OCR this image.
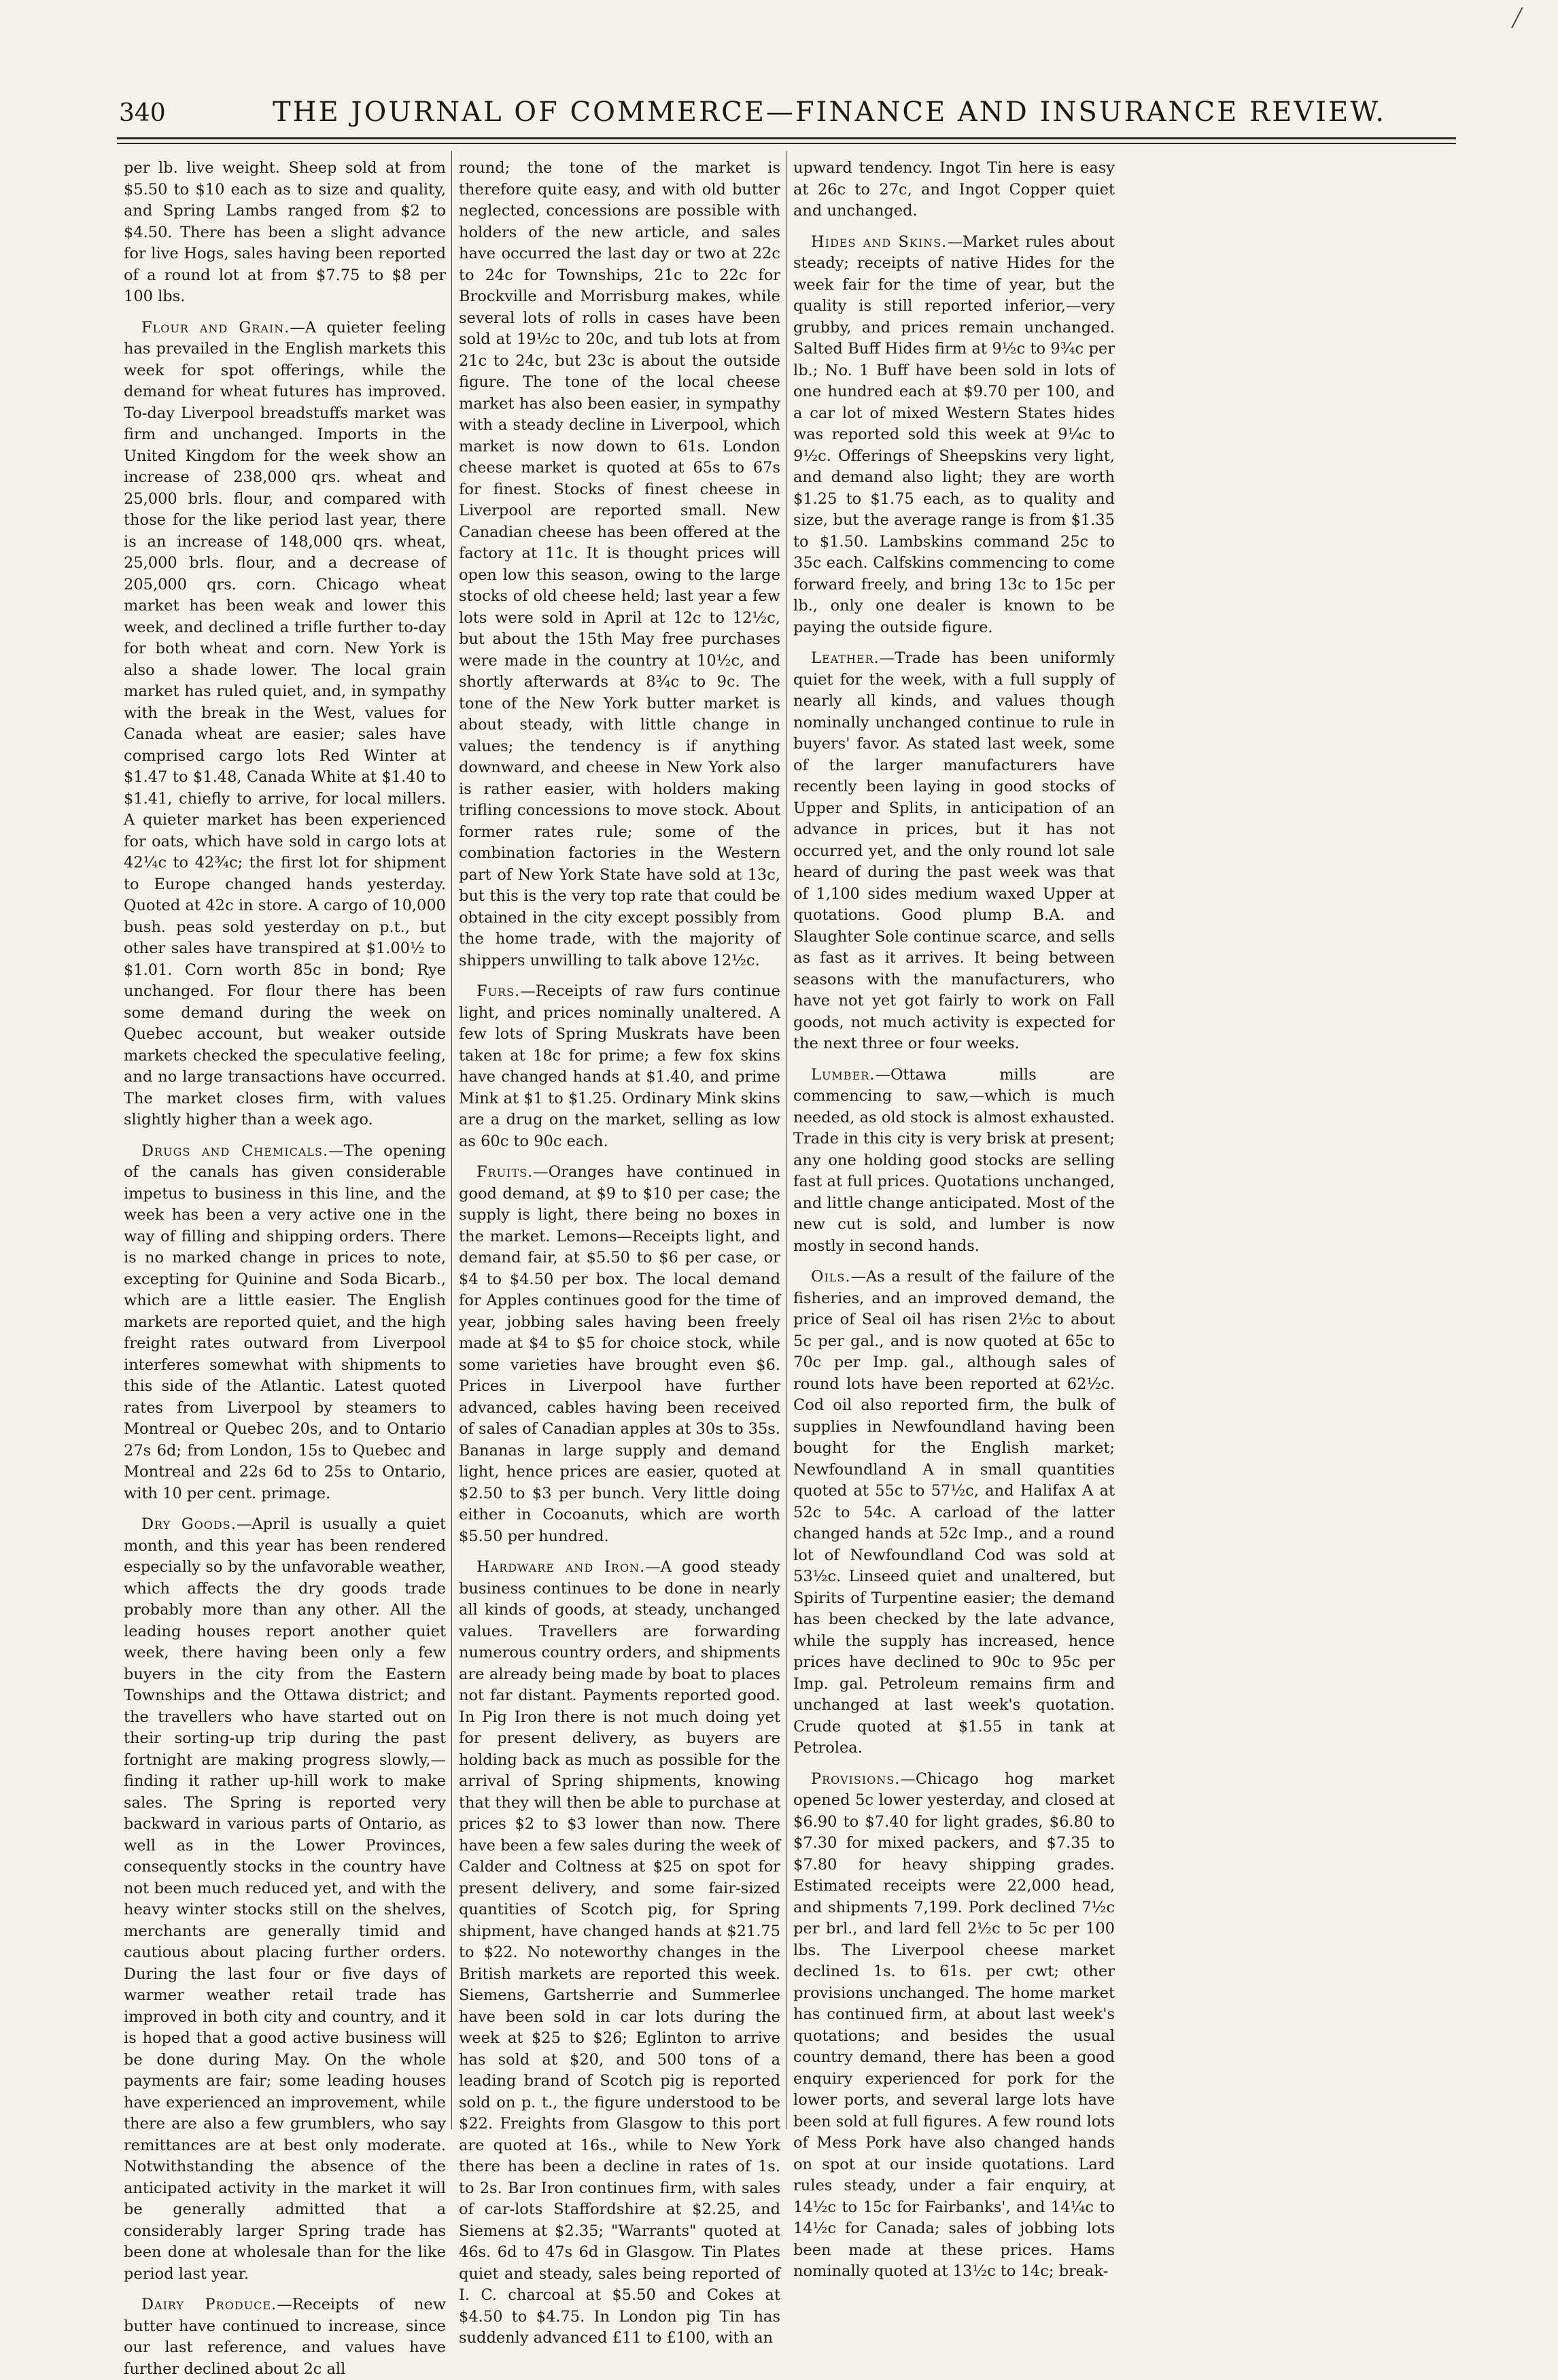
340	THE JOURNAL OF COMMERCE—FINANCE AND INSURANCE REVIEW.
╱

per lb. live weight. Sheep sold at from $5.50 to $10 each as to size and quality, and Spring Lambs ranged from $2 to $4.50. There has been a slight advance for live Hogs, sales having been reported of a round lot at from $7.75 to $8 per 100 lbs.

Flour and Grain.—A quieter feeling has prevailed in the English markets this week for spot offerings, while the demand for wheat futures has improved. To-day Liverpool breadstuffs market was firm and unchanged. Imports in the United Kingdom for the week show an increase of 238,000 qrs. wheat and 25,000 brls. flour, and compared with those for the like period last year, there is an increase of 148,000 qrs. wheat, 25,000 brls. flour, and a decrease of 205,000 qrs. corn. Chicago wheat market has been weak and lower this week, and declined a trifle further to-day for both wheat and corn. New York is also a shade lower. The local grain market has ruled quiet, and, in sympathy with the break in the West, values for Canada wheat are easier; sales have comprised cargo lots Red Winter at $1.47 to $1.48, Canada White at $1.40 to $1.41, chiefly to arrive, for local millers. A quieter market has been experienced for oats, which have sold in cargo lots at 42¼c to 42¾c; the first lot for shipment to Europe changed hands yesterday. Quoted at 42c in store. A cargo of 10,000 bush. peas sold yesterday on p.t., but other sales have transpired at $1.00½ to $1.01. Corn worth 85c in bond; Rye unchanged. For flour there has been some demand during the week on Quebec account, but weaker outside markets checked the speculative feeling, and no large transactions have occurred. The market closes firm, with values slightly higher than a week ago.

Drugs and Chemicals.—The opening of the canals has given considerable impetus to business in this line, and the week has been a very active one in the way of filling and shipping orders. There is no marked change in prices to note, excepting for Quinine and Soda Bicarb., which are a little easier. The English markets are reported quiet, and the high freight rates outward from Liverpool interferes somewhat with shipments to this side of the Atlantic. Latest quoted rates from Liverpool by steamers to Montreal or Quebec 20s, and to Ontario 27s 6d; from London, 15s to Quebec and Montreal and 22s 6d to 25s to Ontario, with 10 per cent. primage.

Dry Goods.—April is usually a quiet month, and this year has been rendered especially so by the unfavorable weather, which affects the dry goods trade probably more than any other. All the leading houses report another quiet week, there having been only a few buyers in the city from the Eastern Townships and the Ottawa district; and the travellers who have started out on their sorting-up trip during the past fortnight are making progress slowly,—finding it rather up-hill work to make sales. The Spring is reported very backward in various parts of Ontario, as well as in the Lower Provinces, consequently stocks in the country have not been much reduced yet, and with the heavy winter stocks still on the shelves, merchants are generally timid and cautious about placing further orders. During the last four or five days of warmer weather retail trade has improved in both city and country, and it is hoped that a good active business will be done during May. On the whole payments are fair; some leading houses have experienced an improvement, while there are also a few grumblers, who say remittances are at best only moderate. Notwithstanding the absence of the anticipated activity in the market it will be generally admitted that a considerably larger Spring trade has been done at wholesale than for the like period last year.

Dairy Produce.—Receipts of new butter have continued to increase, since our last reference, and values have further declined about 2c all

round; the tone of the market is therefore quite easy, and with old butter neglected, concessions are possible with holders of the new article, and sales have occurred the last day or two at 22c to 24c for Townships, 21c to 22c for Brockville and Morrisburg makes, while several lots of rolls in cases have been sold at 19½c to 20c, and tub lots at from 21c to 24c, but 23c is about the outside figure. The tone of the local cheese market has also been easier, in sympathy with a steady decline in Liverpool, which market is now down to 61s. London cheese market is quoted at 65s to 67s for finest. Stocks of finest cheese in Liverpool are reported small. New Canadian cheese has been offered at the factory at 11c. It is thought prices will open low this season, owing to the large stocks of old cheese held; last year a few lots were sold in April at 12c to 12½c, but about the 15th May free purchases were made in the country at 10½c, and shortly afterwards at 8¾c to 9c. The tone of the New York butter market is about steady, with little change in values; the tendency is if anything downward, and cheese in New York also is rather easier, with holders making trifling concessions to move stock. About former rates rule; some of the combination factories in the Western part of New York State have sold at 13c, but this is the very top rate that could be obtained in the city except possibly from the home trade, with the majority of shippers unwilling to talk above 12½c.

Furs.—Receipts of raw furs continue light, and prices nominally unaltered. A few lots of Spring Muskrats have been taken at 18c for prime; a few fox skins have changed hands at $1.40, and prime Mink at $1 to $1.25. Ordinary Mink skins are a drug on the market, selling as low as 60c to 90c each.

Fruits.—Oranges have continued in good demand, at $9 to $10 per case; the supply is light, there being no boxes in the market. Lemons—Receipts light, and demand fair, at $5.50 to $6 per case, or $4 to $4.50 per box. The local demand for Apples continues good for the time of year, jobbing sales having been freely made at $4 to $5 for choice stock, while some varieties have brought even $6. Prices in Liverpool have further advanced, cables having been received of sales of Canadian apples at 30s to 35s. Bananas in large supply and demand light, hence prices are easier, quoted at $2.50 to $3 per bunch. Very little doing either in Cocoanuts, which are worth $5.50 per hundred.

Hardware and Iron.—A good steady business continues to be done in nearly all kinds of goods, at steady, unchanged values. Travellers are forwarding numerous country orders, and shipments are already being made by boat to places not far distant. Payments reported good. In Pig Iron there is not much doing yet for present delivery, as buyers are holding back as much as possible for the arrival of Spring shipments, knowing that they will then be able to purchase at prices $2 to $3 lower than now. There have been a few sales during the week of Calder and Coltness at $25 on spot for present delivery, and some fair-sized quantities of Scotch pig, for Spring shipment, have changed hands at $21.75 to $22. No noteworthy changes in the British markets are reported this week. Siemens, Gartsherrie and Summerlee have been sold in car lots during the week at $25 to $26; Eglinton to arrive has sold at $20, and 500 tons of a leading brand of Scotch pig is reported sold on p. t., the figure understood to be $22. Freights from Glasgow to this port are quoted at 16s., while to New York there has been a decline in rates of 1s. to 2s. Bar Iron continues firm, with sales of car-lots Staffordshire at $2.25, and Siemens at $2.35; "Warrants" quoted at 46s. 6d to 47s 6d in Glasgow. Tin Plates quiet and steady, sales being reported of I. C. charcoal at $5.50 and Cokes at $4.50 to $4.75. In London pig Tin has suddenly advanced £11 to £100, with an

upward tendency. Ingot Tin here is easy at 26c to 27c, and Ingot Copper quiet and unchanged.

Hides and Skins.—Market rules about steady; receipts of native Hides for the week fair for the time of year, but the quality is still reported inferior,—very grubby, and prices remain unchanged. Salted Buff Hides firm at 9½c to 9¾c per lb.; No. 1 Buff have been sold in lots of one hundred each at $9.70 per 100, and a car lot of mixed Western States hides was reported sold this week at 9¼c to 9½c. Offerings of Sheepskins very light, and demand also light; they are worth $1.25 to $1.75 each, as to quality and size, but the average range is from $1.35 to $1.50. Lambskins command 25c to 35c each. Calfskins commencing to come forward freely, and bring 13c to 15c per lb., only one dealer is known to be paying the outside figure.

Leather.—Trade has been uniformly quiet for the week, with a full supply of nearly all kinds, and values though nominally unchanged continue to rule in buyers' favor. As stated last week, some of the larger manufacturers have recently been laying in good stocks of Upper and Splits, in anticipation of an advance in prices, but it has not occurred yet, and the only round lot sale heard of during the past week was that of 1,100 sides medium waxed Upper at quotations. Good plump B.A. and Slaughter Sole continue scarce, and sells as fast as it arrives. It being between seasons with the manufacturers, who have not yet got fairly to work on Fall goods, not much activity is expected for the next three or four weeks.

Lumber.—Ottawa mills are commencing to saw,—which is much needed, as old stock is almost exhausted. Trade in this city is very brisk at present; any one holding good stocks are selling fast at full prices. Quotations unchanged, and little change anticipated. Most of the new cut is sold, and lumber is now mostly in second hands.

Oils.—As a result of the failure of the fisheries, and an improved demand, the price of Seal oil has risen 2½c to about 5c per gal., and is now quoted at 65c to 70c per Imp. gal., although sales of round lots have been reported at 62½c. Cod oil also reported firm, the bulk of supplies in Newfoundland having been bought for the English market; Newfoundland A in small quantities quoted at 55c to 57½c, and Halifax A at 52c to 54c. A carload of the latter changed hands at 52c Imp., and a round lot of Newfoundland Cod was sold at 53½c. Linseed quiet and unaltered, but Spirits of Turpentine easier; the demand has been checked by the late advance, while the supply has increased, hence prices have declined to 90c to 95c per Imp. gal. Petroleum remains firm and unchanged at last week's quotation. Crude quoted at $1.55 in tank at Petrolea.

Provisions.—Chicago hog market opened 5c lower yesterday, and closed at $6.90 to $7.40 for light grades, $6.80 to $7.30 for mixed packers, and $7.35 to $7.80 for heavy shipping grades. Estimated receipts were 22,000 head, and shipments 7,199. Pork declined 7½c per brl., and lard fell 2½c to 5c per 100 lbs. The Liverpool cheese market declined 1s. to 61s. per cwt; other provisions unchanged. The home market has continued firm, at about last week's quotations; and besides the usual country demand, there has been a good enquiry experienced for pork for the lower ports, and several large lots have been sold at full figures. A few round lots of Mess Pork have also changed hands on spot at our inside quotations. Lard rules steady, under a fair enquiry, at 14½c to 15c for Fairbanks', and 14¼c to 14½c for Canada; sales of jobbing lots been made at these prices. Hams nominally quoted at 13½c to 14c; break-
